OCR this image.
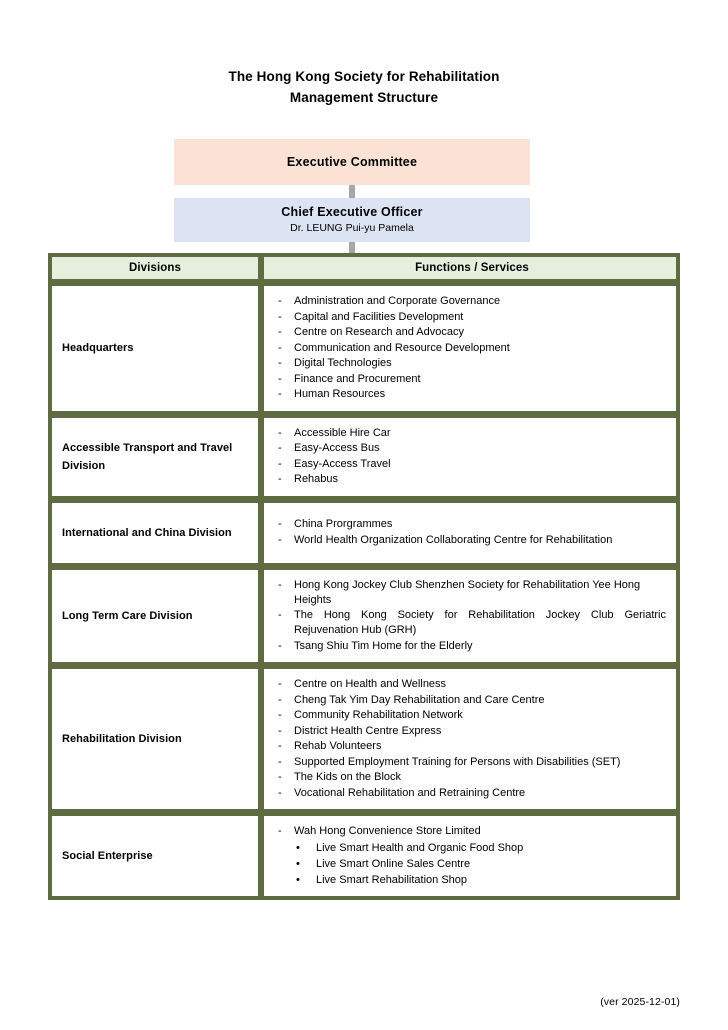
The Hong Kong Society for Rehabilitation
Management Structure
Executive Committee
Chief Executive Officer
Dr. LEUNG Pui-yu Pamela
Divisions	Functions / Services
Headquarters
- Administration and Corporate Governance
- Capital and Facilities Development
- Centre on Research and Advocacy
- Communication and Resource Development
- Digital Technologies
- Finance and Procurement
- Human Resources
Accessible Transport and Travel Division
- Accessible Hire Car
- Easy-Access Bus
- Easy-Access Travel
- Rehabus
International and China Division
- China Prorgrammes
- World Health Organization Collaborating Centre for Rehabilitation
Long Term Care Division
- Hong Kong Jockey Club Shenzhen Society for Rehabilitation Yee Hong Heights
- The Hong Kong Society for Rehabilitation Jockey Club Geriatric Rejuvenation Hub (GRH)
- Tsang Shiu Tim Home for the Elderly
Rehabilitation Division
- Centre on Health and Wellness
- Cheng Tak Yim Day Rehabilitation and Care Centre
- Community Rehabilitation Network
- District Health Centre Express
- Rehab Volunteers
- Supported Employment Training for Persons with Disabilities (SET)
- The Kids on the Block
- Vocational Rehabilitation and Retraining Centre
Social Enterprise
- Wah Hong Convenience Store Limited
• Live Smart Health and Organic Food Shop
• Live Smart Online Sales Centre
• Live Smart Rehabilitation Shop
(ver 2025-12-01)
